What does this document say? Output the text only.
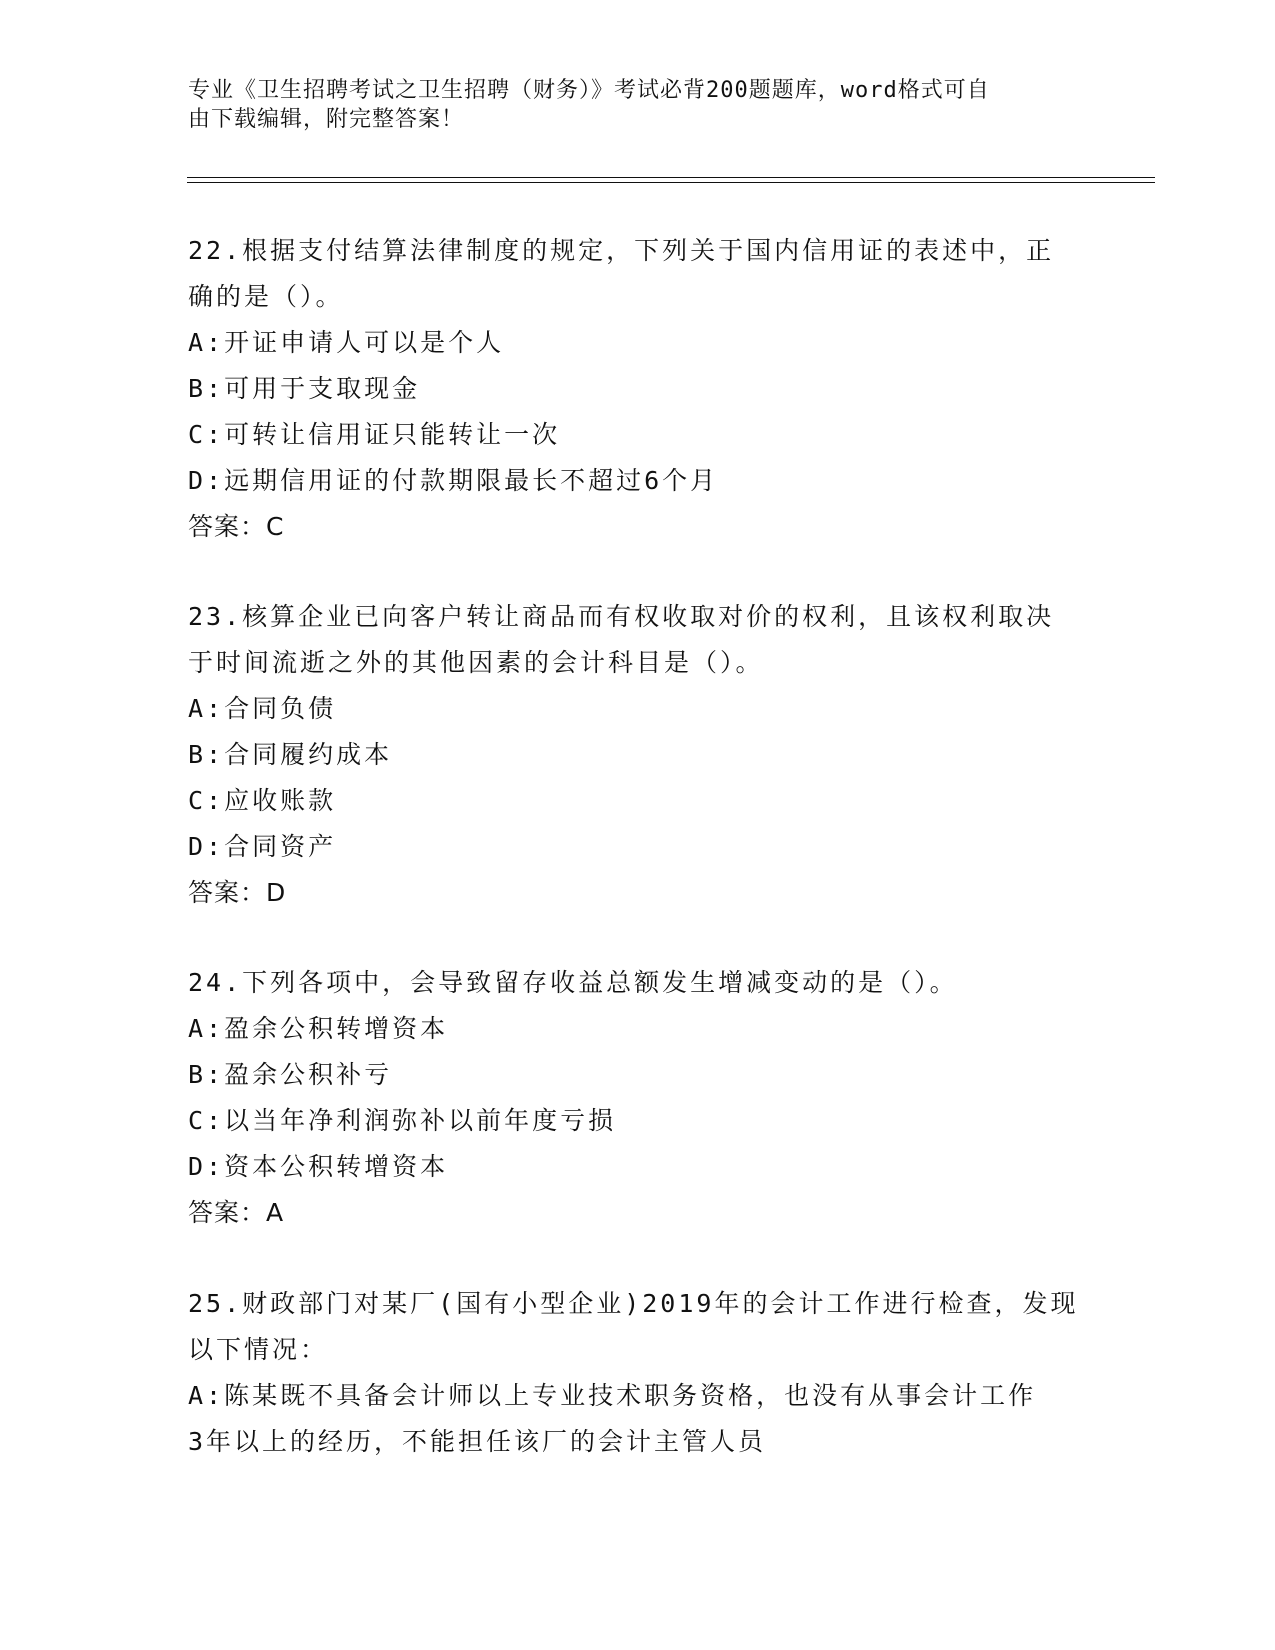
专业《卫生招聘考试之卫生招聘（财务）》考试必背200题题库，word格式可自
由下载编辑，附完整答案！
22.根据支付结算法律制度的规定，下列关于国内信用证的表述中，正
确的是（）。
A:开证申请人可以是个人
B:可用于支取现金
C:可转让信用证只能转让一次
D:远期信用证的付款期限最长不超过6个月
答案：C
23.核算企业已向客户转让商品而有权收取对价的权利，且该权利取决
于时间流逝之外的其他因素的会计科目是（）。
A:合同负债
B:合同履约成本
C:应收账款
D:合同资产
答案：D
24.下列各项中，会导致留存收益总额发生增减变动的是（）。
A:盈余公积转增资本
B:盈余公积补亏
C:以当年净利润弥补以前年度亏损
D:资本公积转增资本
答案：A
25.财政部门对某厂(国有小型企业)2019年的会计工作进行检查，发现
以下情况：
A:陈某既不具备会计师以上专业技术职务资格，也没有从事会计工作
3年以上的经历，不能担任该厂的会计主管人员
